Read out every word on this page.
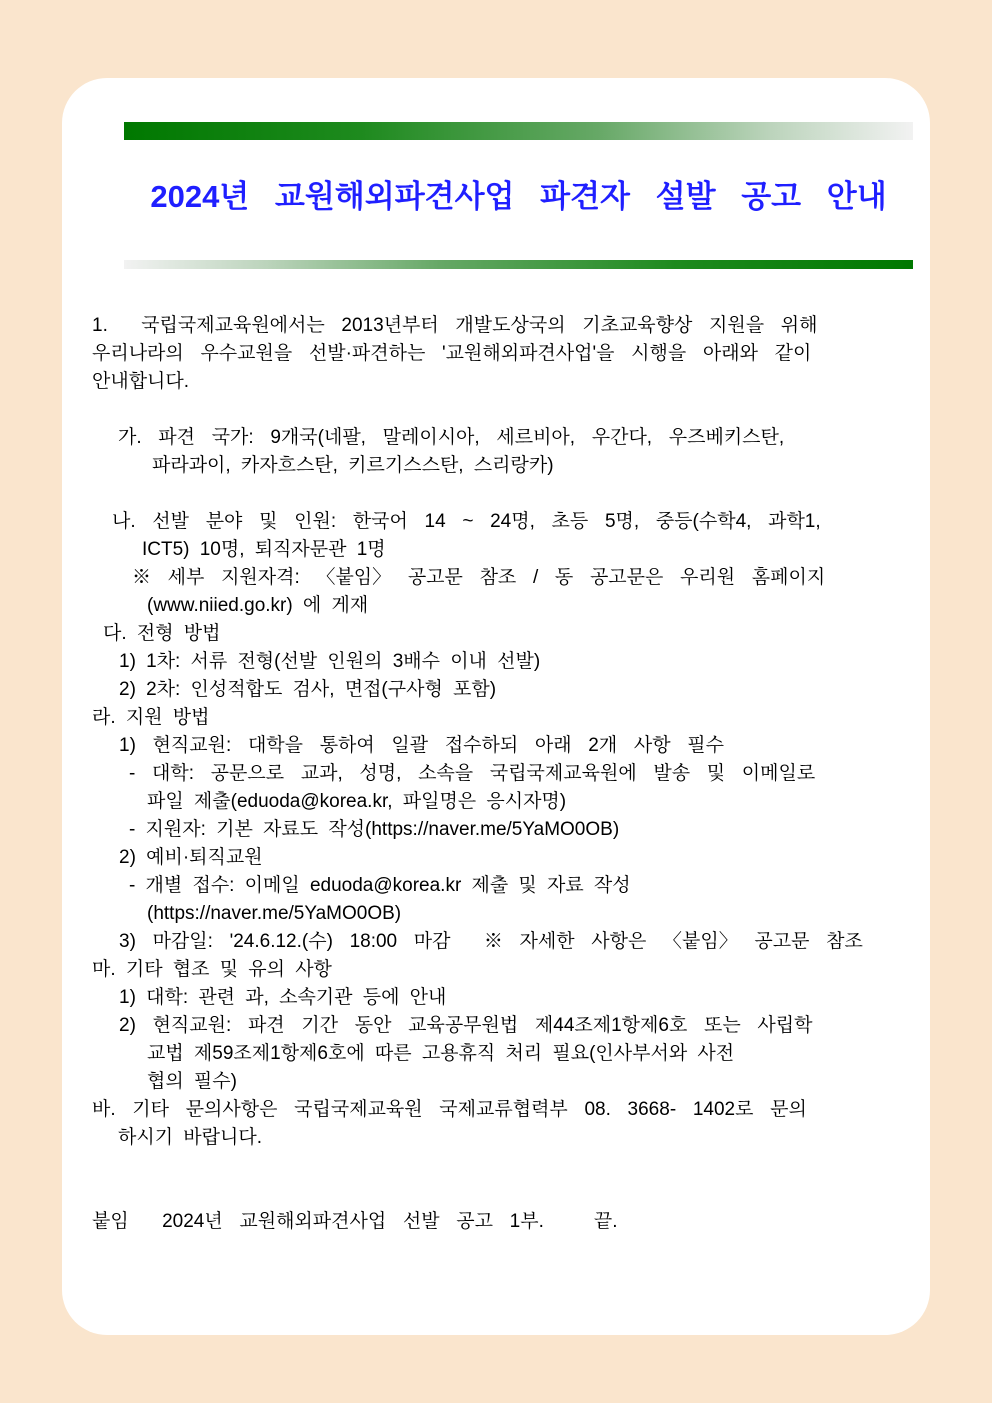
2024년 교원해외파견사업 파견자 설발 공고 안내
1.  국립국제교육원에서는 2013년부터 개발도상국의 기초교육향상 지원을 위해
우리나라의 우수교원을 선발·파견하는 '교원해외파견사업'을 시행을 아래와 같이
안내합니다.
가. 파견 국가: 9개국(네팔, 말레이시아, 세르비아, 우간다, 우즈베키스탄,
파라과이, 카자흐스탄, 키르기스스탄, 스리랑카)
나. 선발 분야 및 인원: 한국어 14 ~ 24명, 초등 5명, 중등(수학4, 과학1,
ICT5) 10명, 퇴직자문관 1명
※ 세부 지원자격: 〈붙임〉 공고문 참조 / 동 공고문은 우리원 홈페이지
(www.niied.go.kr) 에 게재
다. 전형 방법
1) 1차: 서류 전형(선발 인원의 3배수 이내 선발)
2) 2차: 인성적합도 검사, 면접(구사형 포함)
라. 지원 방법
1) 현직교원: 대학을 통하여 일괄 접수하되 아래 2개 사항 필수
- 대학: 공문으로 교과, 성명, 소속을 국립국제교육원에 발송 및 이메일로
파일 제출(eduoda@korea.kr, 파일명은 응시자명)
- 지원자: 기본 자료도 작성(https://naver.me/5YaMO0OB)
2) 예비·퇴직교원
- 개별 접수: 이메일 eduoda@korea.kr 제출 및 자료 작성
(https://naver.me/5YaMO0OB)
3) 마감일: '24.6.12.(수) 18:00 마감  ※ 자세한 사항은 〈붙임〉 공고문 참조
마. 기타 협조 및 유의 사항
1) 대학: 관련 과, 소속기관 등에 안내
2) 현직교원: 파견 기간 동안 교육공무원법 제44조제1항제6호 또는 사립학
교법 제59조제1항제6호에 따른 고용휴직 처리 필요(인사부서와 사전
협의 필수)
바. 기타 문의사항은 국립국제교육원 국제교류협력부 08. 3668- 1402로 문의
하시기 바랍니다.
붙임  2024년 교원해외파견사업 선발 공고 1부.   끝.
